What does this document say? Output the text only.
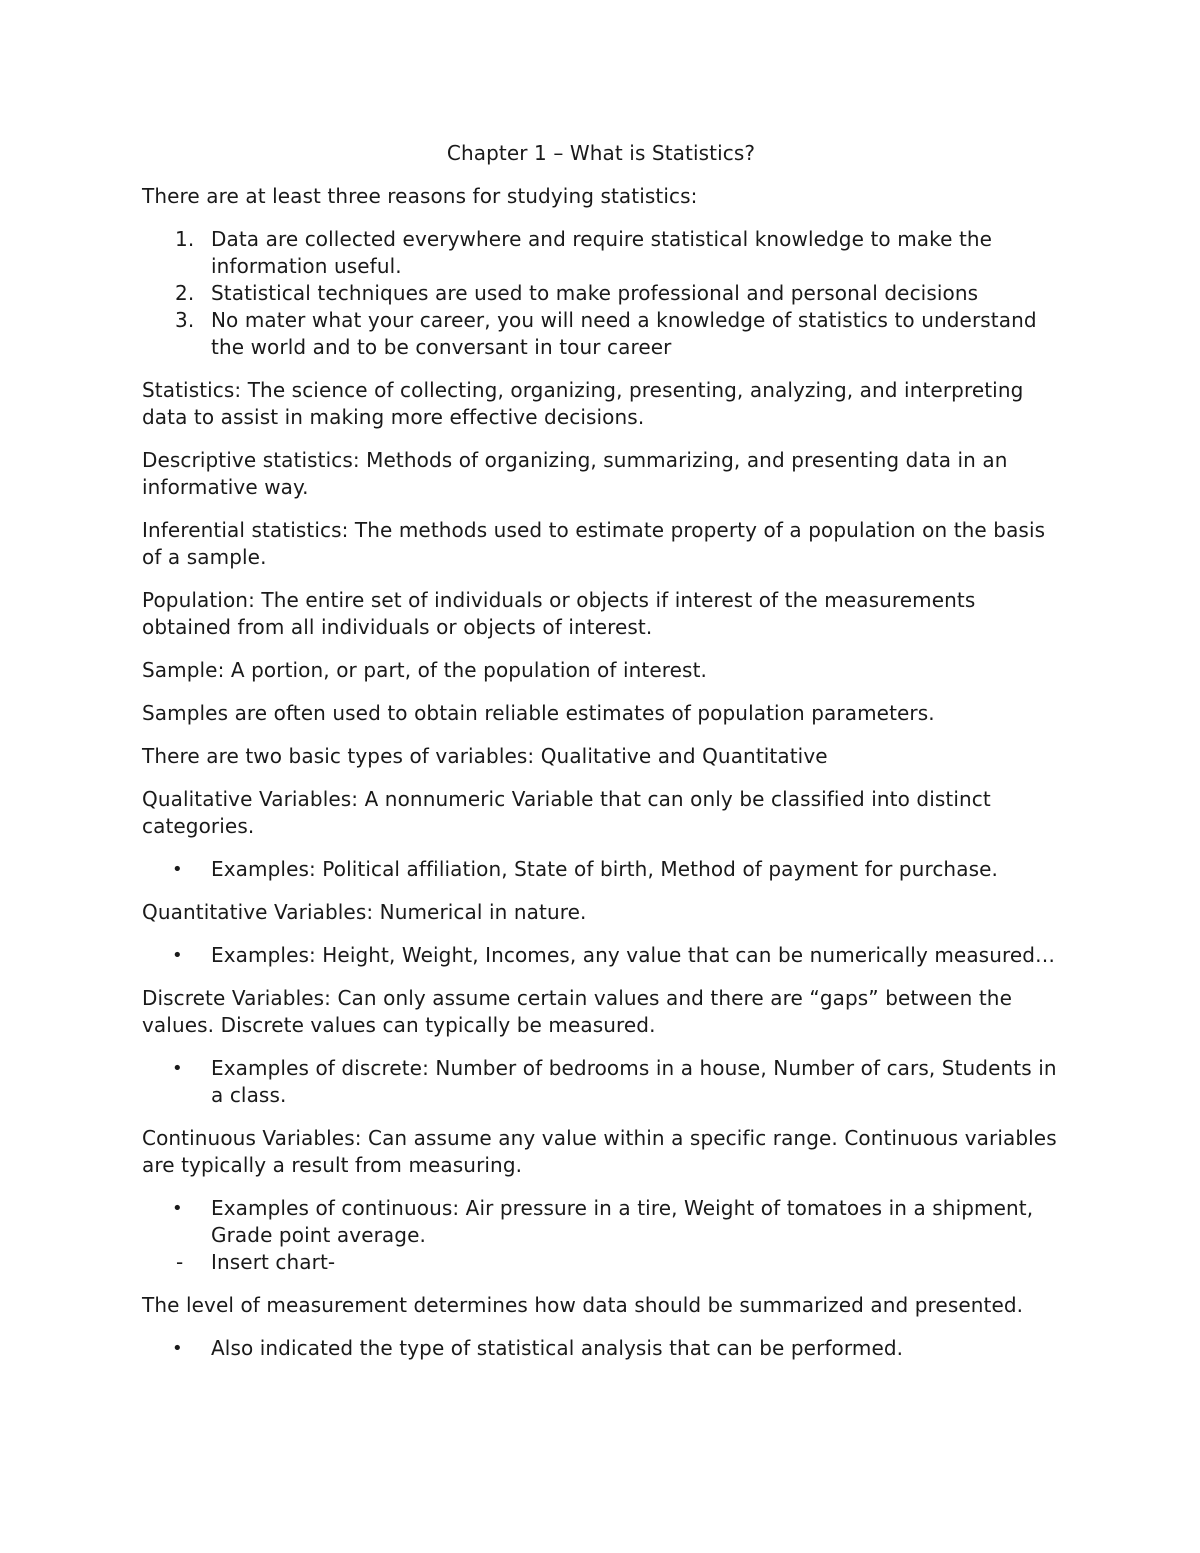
Chapter 1 – What is Statistics?

There are at least three reasons for studying statistics:

1. Data are collected everywhere and require statistical knowledge to make the information useful.
2. Statistical techniques are used to make professional and personal decisions
3. No mater what your career, you will need a knowledge of statistics to understand the world and to be conversant in tour career

Statistics: The science of collecting, organizing, presenting, analyzing, and interpreting data to assist in making more effective decisions.

Descriptive statistics: Methods of organizing, summarizing, and presenting data in an informative way.

Inferential statistics: The methods used to estimate property of a population on the basis of a sample.

Population: The entire set of individuals or objects if interest of the measurements obtained from all individuals or objects of interest.

Sample: A portion, or part, of the population of interest.

Samples are often used to obtain reliable estimates of population parameters.

There are two basic types of variables: Qualitative and Quantitative

Qualitative Variables: A nonnumeric Variable that can only be classified into distinct categories.

•	Examples: Political affiliation, State of birth, Method of payment for purchase.

Quantitative Variables: Numerical in nature.

•	Examples: Height, Weight, Incomes, any value that can be numerically measured…

Discrete Variables: Can only assume certain values and there are “gaps” between the values. Discrete values can typically be measured.

•	Examples of discrete: Number of bedrooms in a house, Number of cars, Students in a class.

Continuous Variables: Can assume any value within a specific range. Continuous variables are typically a result from measuring.

•	Examples of continuous: Air pressure in a tire, Weight of tomatoes in a shipment, Grade point average.
-	Insert chart-

The level of measurement determines how data should be summarized and presented.

•	Also indicated the type of statistical analysis that can be performed.
